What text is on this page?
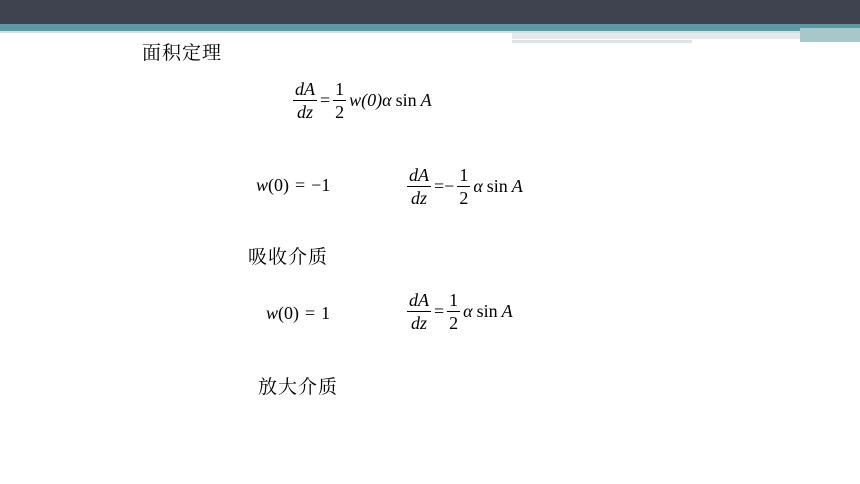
面积定理
$\frac{dA}{dz} = \frac{1}{2} w(0)$ α sin A
w (0) = −1	$\frac{dA}{dz}$ = − $\frac{1}{2}$ α sin A
吸收介质
w (0) = 1	$\frac{dA}{dz} = \frac{1}{2}$ α sin A
放大介质
